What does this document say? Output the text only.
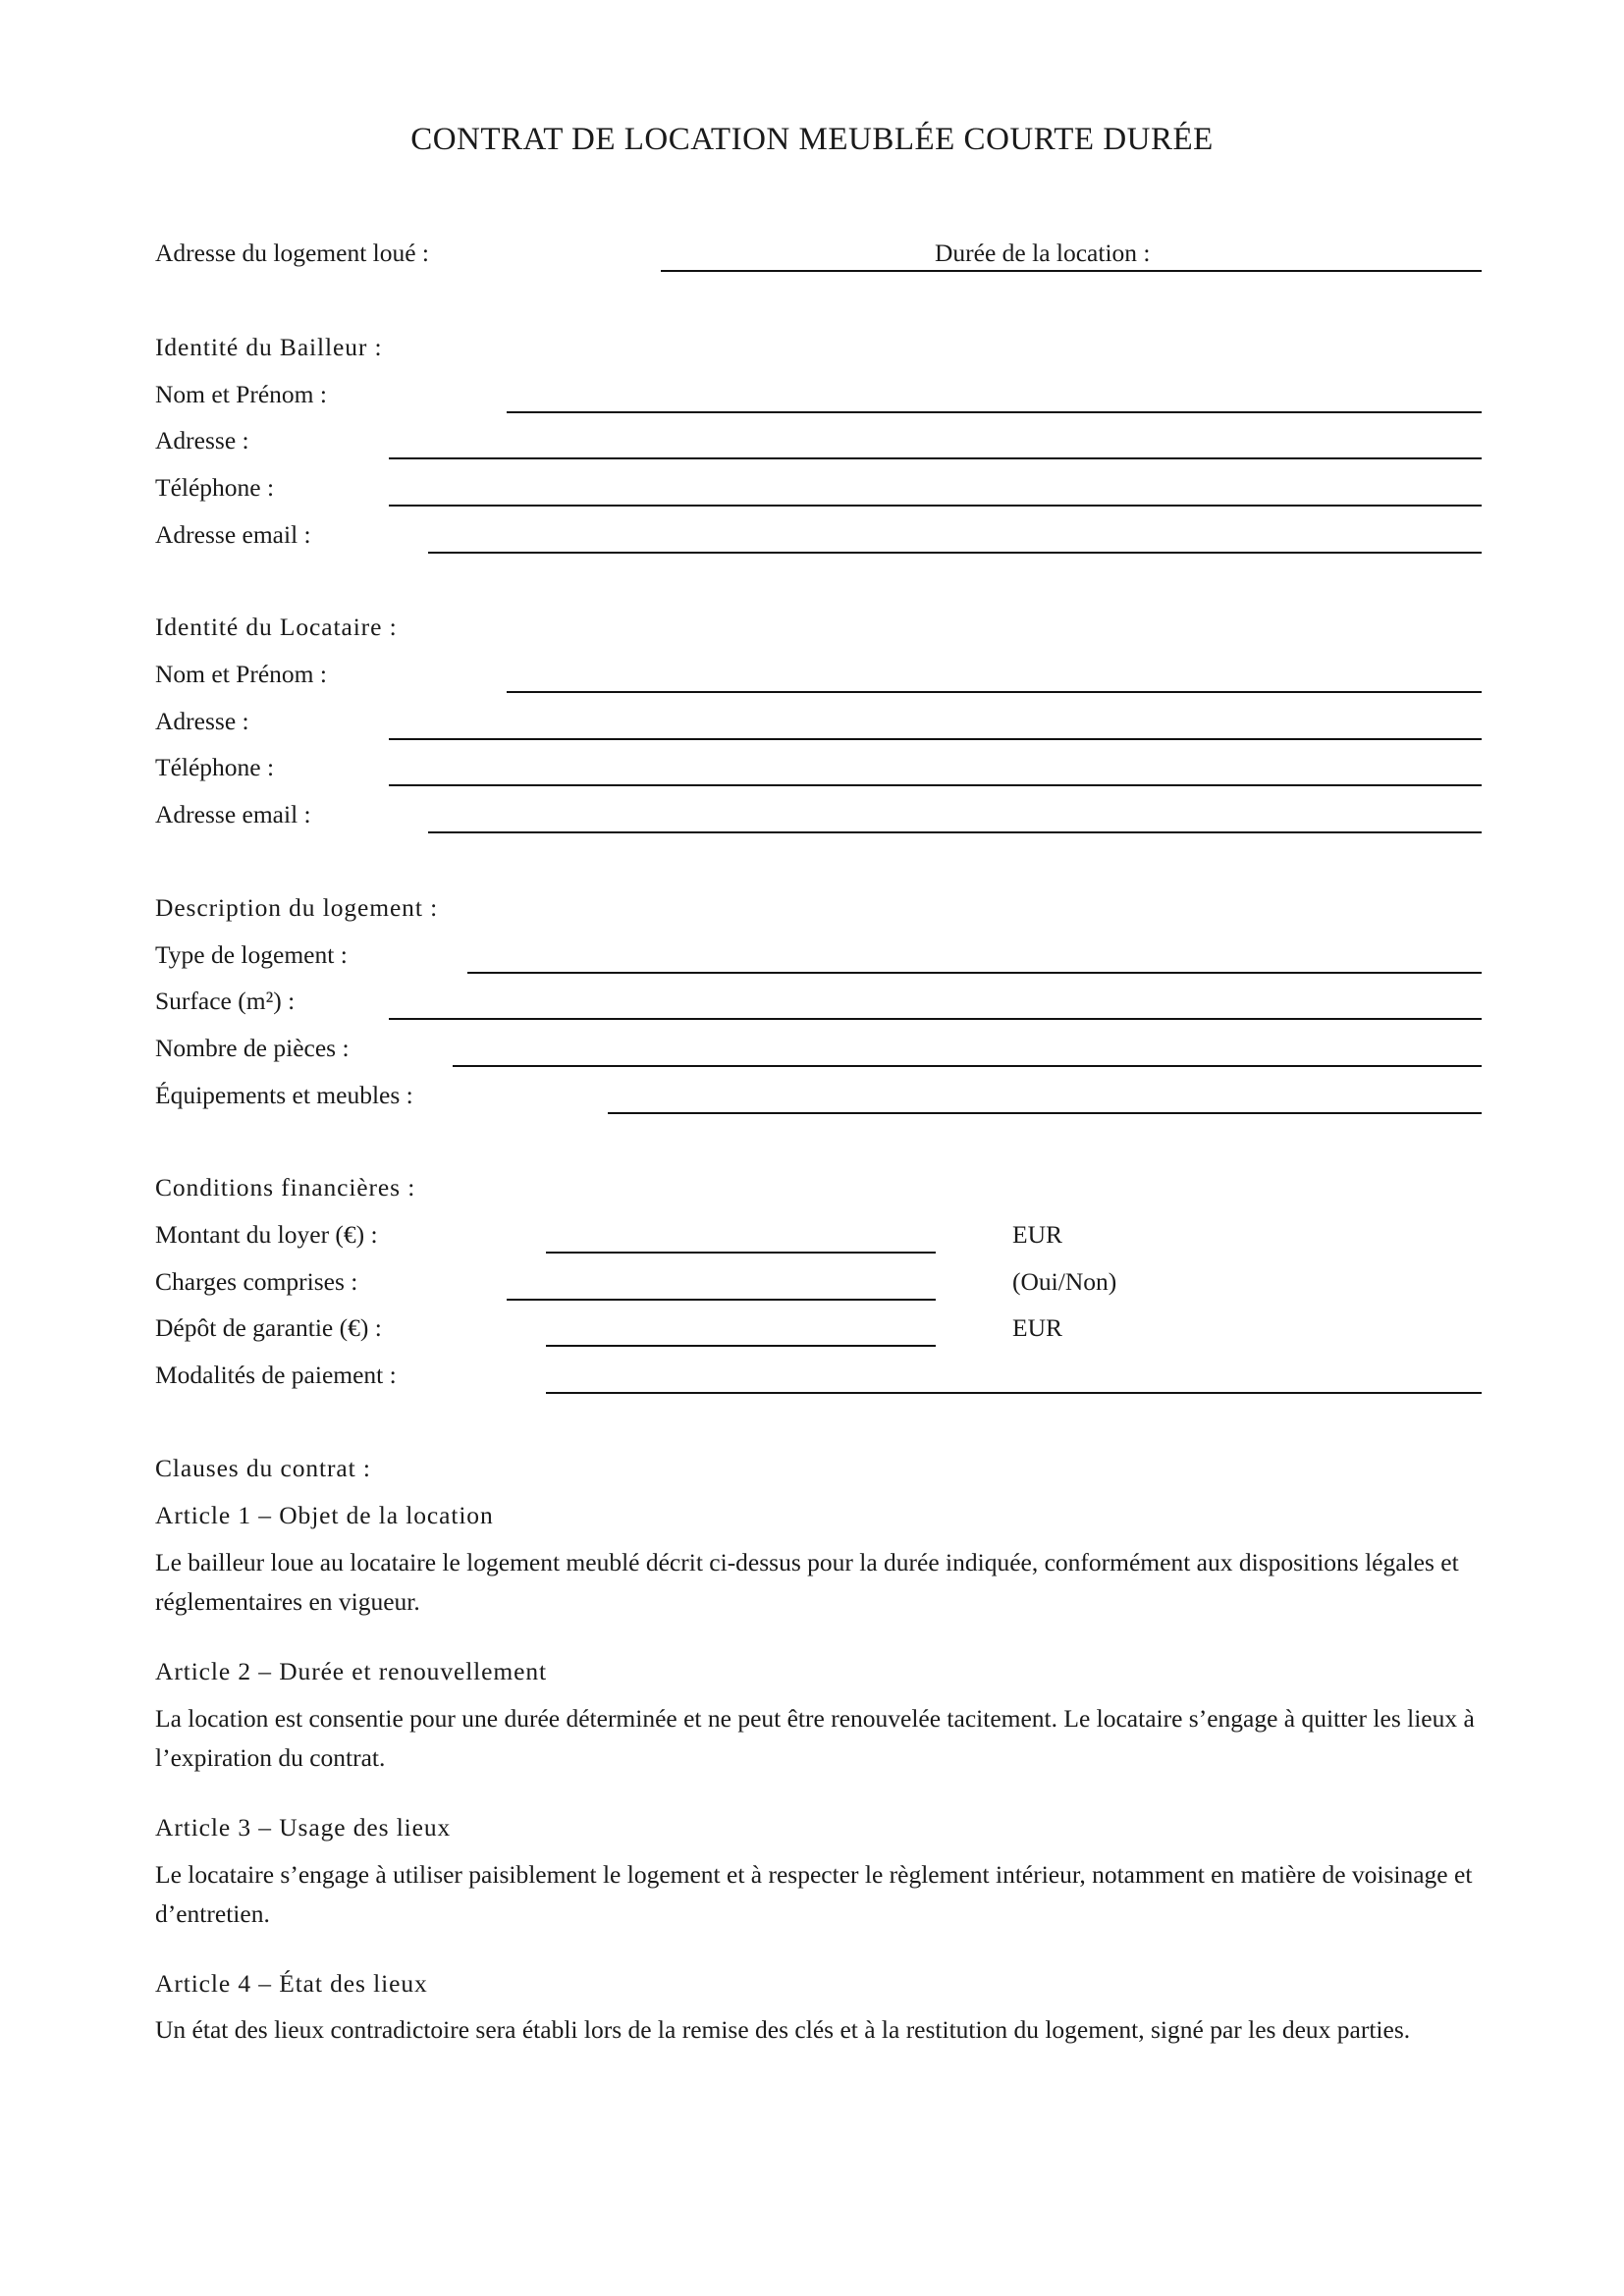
CONTRAT DE LOCATION MEUBLÉE COURTE DURÉE
Adresse du logement loué :	Durée de la location :
Identité du Bailleur :
Nom et Prénom :
Adresse :
Téléphone :
Adresse email :
Identité du Locataire :
Nom et Prénom :
Adresse :
Téléphone :
Adresse email :
Description du logement :
Type de logement :
Surface (m²) :
Nombre de pièces :
Équipements et meubles :
Conditions financières :
Montant du loyer (€) :	EUR
Charges comprises :	(Oui/Non)
Dépôt de garantie (€) :	EUR
Modalités de paiement :
Clauses du contrat :
Article 1 – Objet de la location
Le bailleur loue au locataire le logement meublé décrit ci-dessus pour la durée indiquée, conformément aux dispositions légales et réglementaires en vigueur.
Article 2 – Durée et renouvellement
La location est consentie pour une durée déterminée et ne peut être renouvelée tacitement. Le locataire s’engage à quitter les lieux à l’expiration du contrat.
Article 3 – Usage des lieux
Le locataire s’engage à utiliser paisiblement le logement et à respecter le règlement intérieur, notamment en matière de voisinage et d’entretien.
Article 4 – État des lieux
Un état des lieux contradictoire sera établi lors de la remise des clés et à la restitution du logement, signé par les deux parties.
